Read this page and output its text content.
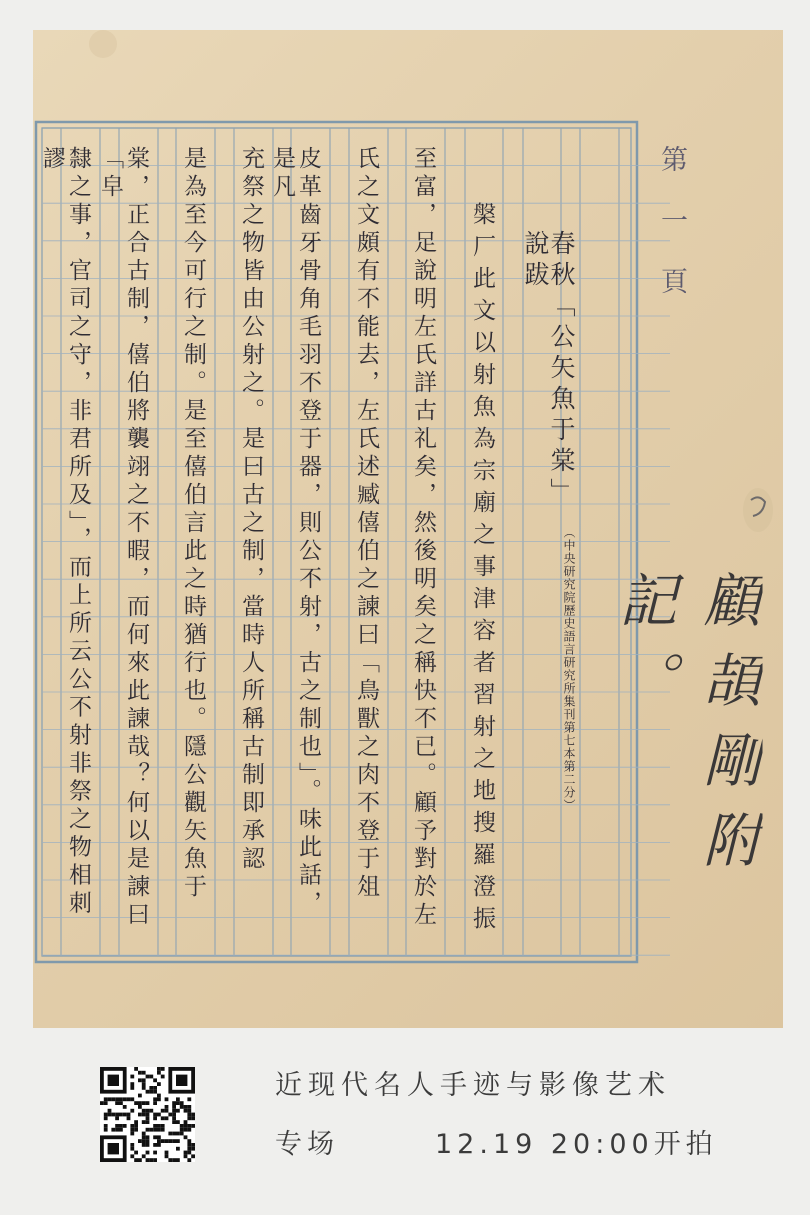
第一頁
春秋「公矢魚于棠」說跋
（中央研究院歷史語言研究所集刊第七本第二分）
槃厂此文以射魚為宗廟之事津容者習射之地搜羅澄振
至富，足說明左氏詳古礼矣，然後明矣之稱快不已。顧予對於左
氏之文頗有不能去，左氏述臧僖伯之諫曰「鳥獸之肉不登于俎
皮革齒牙骨角毛羽不登于器，則公不射，古之制也」。味此話，是凡
充祭之物皆由公射之。是曰古之制，當時人所稱古制即承認
是為至今可行之制。是至僖伯言此之時猶行也。隱公觀矢魚于
棠，正合古制，僖伯將襲翊之不暇，而何來此諫哉？何以是諫曰「皁
隸之事，官司之守，非君所及」，而上所云公不射非祭之物相刺謬
顧頡剛附記。
近现代名人手迹与影像艺术
专场	12.19 20:00开拍
